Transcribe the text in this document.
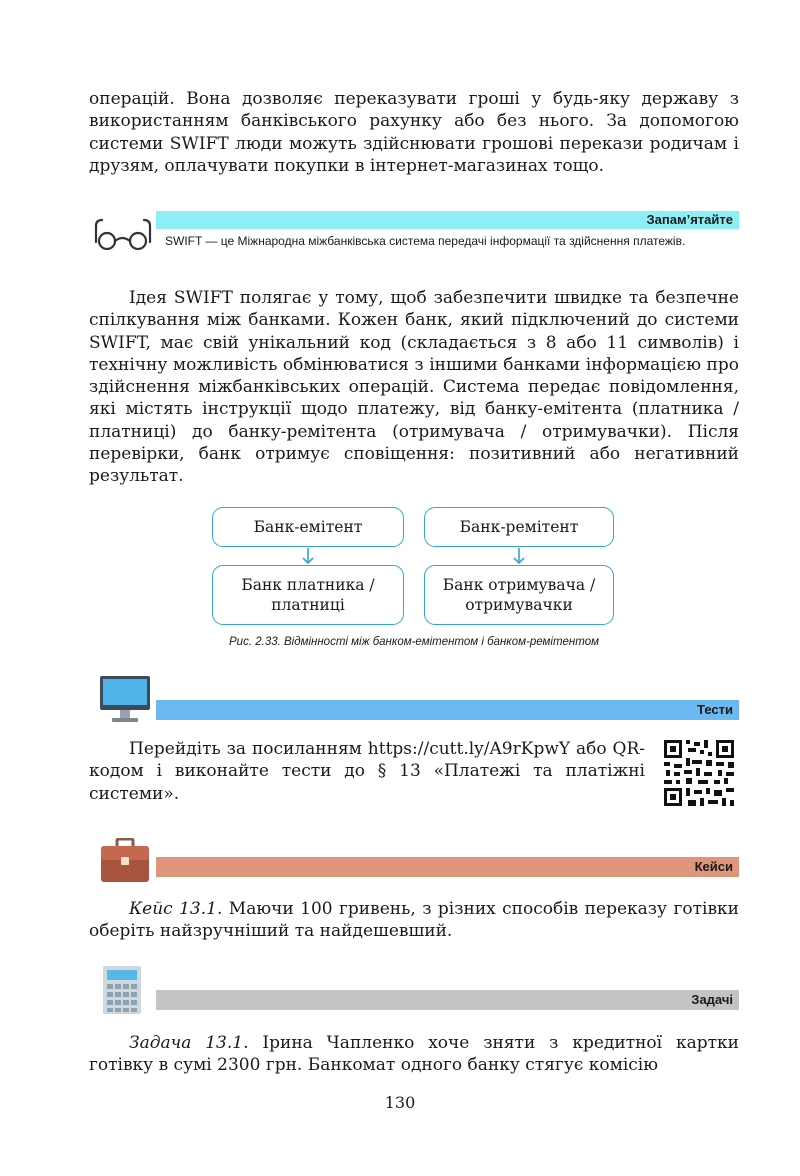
операцій. Вона дозволяє переказувати гроші у будь-яку державу з використанням банківського рахунку або без нього. За допомогою системи SWIFT люди можуть здійснювати грошові перекази родичам і друзям, оплачувати покупки в інтернет-магазинах тощо.

Запам’ятайте

SWIFT — це Міжнародна міжбанківська система передачі інформації та здійснення платежів.

Ідея SWIFT полягає у тому, щоб забезпечити швидке та безпечне спілкування між банками. Кожен банк, який підключений до системи SWIFT, має свій унікальний код (складається з 8 або 11 символів) і технічну можливість обмінюватися з іншими банками інформацією про здійснення міжбанківських операцій. Система передає повідомлення, які містять інструкції щодо платежу, від банку-емітента (платника / платниці) до банку-ремітента (отримувача / отримувачки). Після перевірки, банк отримує сповіщення: позитивний або негативний результат.

Банк-емітент	Банк-ремітент
Банк платника /
платниці
Банк отримувача /
отримувачки
Рис. 2.33. Відмінності між банком-емітентом і банком-ремітентом
Тести

Перейдіть за посиланням https://cutt.ly/A9rKpwY або QR-кодом і виконайте тести до § 13 «Платежі та платіжні системи».

Кейси

Кейс 13.1. Маючи 100 гривень, з різних способів переказу готівки оберіть найзручніший та найдешевший.

Задачі

Задача 13.1. Ірина Чапленко хоче зняти з кредитної картки готівку в сумі 2300 грн. Банкомат одного банку стягує комісію

130
